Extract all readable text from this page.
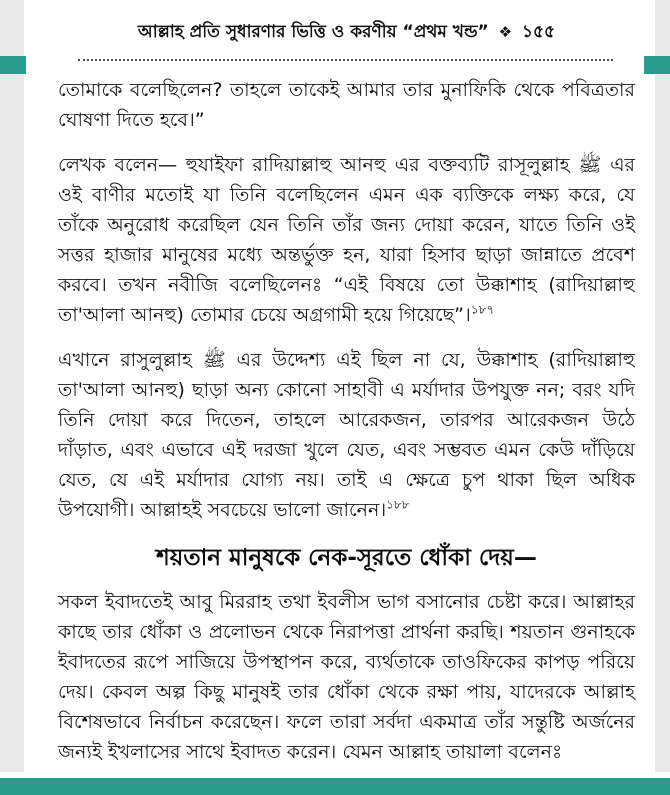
আল্লাহ প্রতি সুধারণার ভিত্তি ও করণীয় “প্রথম খন্ড” ❖ ১৫৫

তোমাকে বলেছিলেন? তাহলে তাকেই আমার তার মুনাফিকি থেকে পবিত্রতার ঘোষণা দিতে হবে।”

লেখক বলেন— হুযাইফা রাদিয়াল্লাহু আনহু এর বক্তব্যটি রাসূলুল্লাহ ﷺ এর ওই বাণীর মতোই যা তিনি বলেছিলেন এমন এক ব্যক্তিকে লক্ষ্য করে, যে তাঁকে অনুরোধ করেছিল যেন তিনি তাঁর জন্য দোয়া করেন, যাতে তিনি ওই সত্তর হাজার মানুষের মধ্যে অন্তর্ভুক্ত হন, যারা হিসাব ছাড়া জান্নাতে প্রবেশ করবে। তখন নবীজি বলেছিলেনঃ “এই বিষয়ে তো উক্কাশাহ (রাদিয়াল্লাহু তা'আলা আনহু) তোমার চেয়ে অগ্রগামী হয়ে গিয়েছে”।$^{১৮৭}$

এখানে রাসুলুল্লাহ ﷺ এর উদ্দেশ্য এই ছিল না যে, উক্কাশাহ (রাদিয়াল্লাহু তা'আলা আনহু) ছাড়া অন্য কোনো সাহাবী এ মর্যাদার উপযুক্ত নন; বরং যদি তিনি দোয়া করে দিতেন, তাহলে আরেকজন, তারপর আরেকজন উঠে দাঁড়াত, এবং এভাবে এই দরজা খুলে যেত, এবং সম্ভবত এমন কেউ দাঁড়িয়ে যেত, যে এই মর্যাদার যোগ্য নয়। তাই এ ক্ষেত্রে চুপ থাকা ছিল অধিক উপযোগী। আল্লাহই সবচেয়ে ভালো জানেন।$^{১৮৮}$

শয়তান মানুষকে নেক-সূরতে ধোঁকা দেয়—

সকল ইবাদতেই আবু মিররাহ তথা ইবলীস ভাগ বসানোর চেষ্টা করে। আল্লাহর কাছে তার ধোঁকা ও প্রলোভন থেকে নিরাপত্তা প্রার্থনা করছি। শয়তান গুনাহকে ইবাদতের রূপে সাজিয়ে উপস্থাপন করে, ব্যর্থতাকে তাওফিকের কাপড় পরিয়ে দেয়। কেবল অল্প কিছু মানুষই তার ধোঁকা থেকে রক্ষা পায়, যাদেরকে আল্লাহ বিশেষভাবে নির্বাচন করেছেন। ফলে তারা সর্বদা একমাত্র তাঁর সন্তুষ্টি অর্জনের জন্যই ইখলাসের সাথে ইবাদত করেন। যেমন আল্লাহ তায়ালা বলেনঃ
